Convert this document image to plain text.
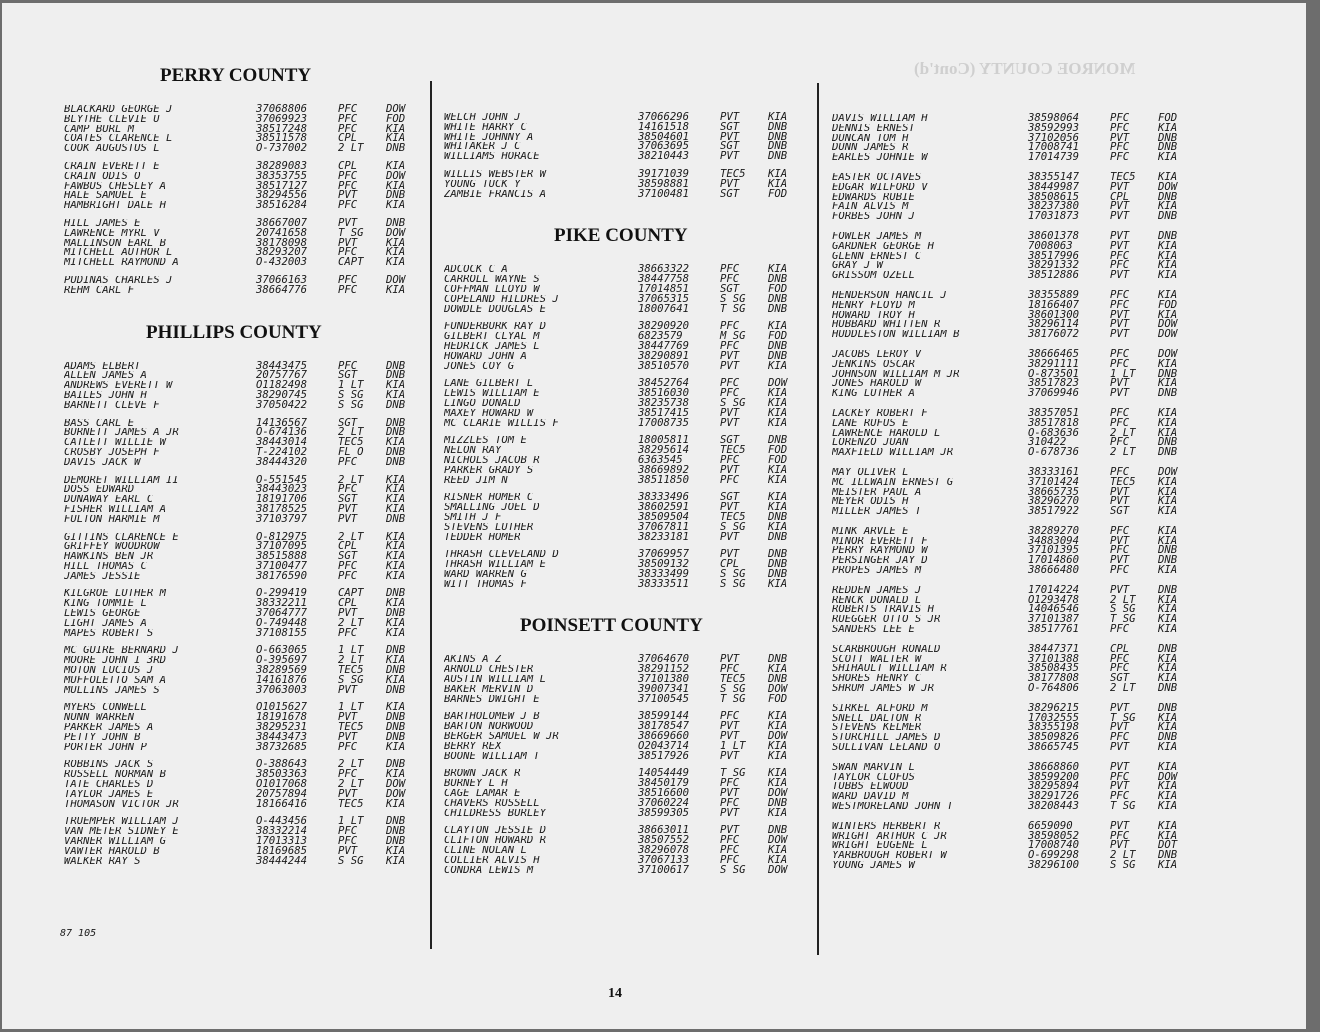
MONROE COUNTY (Cont'd)
PERRY COUNTY
BLACKARD GEORGE J	37068806	PFC	DOW
BLYTHE CLEVIE U	37069923	PFC	FOD
CAMP BURL M	38517248	PFC	KIA
COATES CLARENCE L	38511578	CPL	KIA
COOK AUGUSTUS L	O-737002	2 LT	DNB
CRAIN EVERETT E	38289083	CPL	KIA
CRAIN ODIS O	38353755	PFC	DOW
FAWBUS CHESLEY A	38517127	PFC	KIA
HALE SAMUEL E	38294556	PVT	DNB
HAMBRIGHT DALE H	38516284	PFC	KIA
HILL JAMES E	38667007	PVT	DNB
LAWRENCE MYRL V	20741658	T SG	DOW
MALLINSON EARL B	38178098	PVT	KIA
MITCHELL AUTHOR L	38293207	PFC	KIA
MITCHELL RAYMOND A	O-432003	CAPT	KIA
PUDINAS CHARLES J	37066163	PFC	DOW
REHM CARL F	38664776	PFC	KIA
PHILLIPS COUNTY
ADAMS ELBERT	38443475	PFC	DNB
ALLEN JAMES A	20757767	SGT	DNB
ANDREWS EVERETT W	O1182498	1 LT	KIA
BAILES JOHN H	38290745	S SG	KIA
BARNETT CLEVE F	37050422	S SG	DNB
BASS CARL E	14136567	SGT	DNB
BURNETT JAMES A JR	O-674136	2 LT	DNB
CATLETT WILLIE W	38443014	TEC5	KIA
CROSBY JOSEPH F	T-224102	FL O	DNB
DAVIS JACK W	38444320	PFC	DNB
DEMORET WILLIAM II	O-551545	2 LT	KIA
DOSS EDWARD	38443023	PFC	KIA
DUNAWAY EARL C	18191706	SGT	KIA
FISHER WILLIAM A	38178525	PVT	KIA
FULTON HARMIE M	37103797	PVT	DNB
GITTINS CLARENCE E	O-812975	2 LT	KIA
GRIFFEY WOODROW	37107095	CPL	KIA
HAWKINS BEN JR	38515888	SGT	KIA
HILL THOMAS C	37100477	PFC	KIA
JAMES JESSIE	38176590	PFC	KIA
KILGROE LUTHER M	O-299419	CAPT	DNB
KING TOMMIE L	38332211	CPL	KIA
LEWIS GEORGE	37064777	PVT	DNB
LIGHT JAMES A	O-749448	2 LT	KIA
MAPES ROBERT S	37108155	PFC	KIA
MC GUIRE BERNARD J	O-663065	1 LT	DNB
MOORE JOHN I 3RD	O-395697	2 LT	KIA
MOTON LUCIUS J	38289569	TEC5	DNB
MUFFOLETTO SAM A	14161876	S SG	KIA
MULLINS JAMES S	37063003	PVT	DNB
MYERS CONWELL	O1015627	1 LT	KIA
NUNN WARREN	18191678	PVT	DNB
PARKER JAMES A	38295231	TEC5	DNB
PETTY JOHN B	38443473	PVT	DNB
PORTER JOHN P	38732685	PFC	KIA
ROBBINS JACK S	O-388643	2 LT	DNB
RUSSELL NORMAN B	38503363	PFC	KIA
TATE CHARLES D	O1017068	2 LT	DOW
TAYLOR JAMES E	20757894	PVT	DOW
THOMASON VICTOR JR	18166416	TEC5	KIA
TRUEMPER WILLIAM J	O-443456	1 LT	DNB
VAN METER SIDNEY E	38332214	PFC	DNB
VARNER WILLIAM G	17013313	PFC	DNB
VAWTER HAROLD B	18169685	PVT	KIA
WALKER RAY S	38444244	S SG	KIA
WELCH JOHN J	37066296	PVT	KIA
WHITE HARRY C	14161518	SGT	DNB
WHITE JOHNNY A	38504601	PVT	DNB
WHITAKER J C	37063695	SGT	DNB
WILLIAMS HORACE	38210443	PVT	DNB
WILLIS WEBSTER W	39171039	TEC5	KIA
YOUNG TUCK Y	38598881	PVT	KIA
ZAMBIE FRANCIS A	37100481	SGT	FOD
PIKE COUNTY
ADCOCK C A	38663322	PFC	KIA
CARROLL WAYNE S	38447758	PFC	DNB
COFFMAN LLOYD W	17014851	SGT	FOD
COPELAND HILDRES J	37065315	S SG	DNB
DOWDLE DOUGLAS E	18007641	T SG	DNB
FUNDERBURK RAY D	38290920	PFC	KIA
GILBERT CLYAL M	6823579	M SG	FOD
HEDRICK JAMES L	38447769	PFC	DNB
HOWARD JOHN A	38290891	PVT	DNB
JONES COY G	38510570	PVT	KIA
LANE GILBERT L	38452764	PFC	DOW
LEWIS WILLIAM E	38516030	PFC	KIA
LINGO DONALD	38235738	S SG	KIA
MAXEY HOWARD W	38517415	PVT	KIA
MC CLARIE WILLIS F	17008735	PVT	KIA
MIZZLES TOM E	18005811	SGT	DNB
NELON RAY	38295614	TEC5	FOD
NICHOLS JACOB R	6363545	PFC	FOD
PARKER GRADY S	38669892	PVT	KIA
REED JIM N	38511850	PFC	KIA
RISNER HOMER C	38333496	SGT	KIA
SMALLING JOEL D	38602591	PVT	KIA
SMITH J F	38509504	TEC5	DNB
STEVENS LUTHER	37067811	S SG	KIA
TEDDER HOMER	38233181	PVT	DNB
THRASH CLEVELAND D	37069957	PVT	DNB
THRASH WILLIAM E	38509132	CPL	DNB
WARD WARREN G	38333499	S SG	DNB
WITT THOMAS F	38333511	S SG	KIA
POINSETT COUNTY
AKINS A Z	37064670	PVT	DNB
ARNOLD CHESTER	38291152	PFC	KIA
AUSTIN WILLIAM L	37101380	TEC5	DNB
BAKER MERVIN D	39007341	S SG	DOW
BARNES DWIGHT E	37100545	T SG	FOD
BARTHOLOMEW J B	38599144	PFC	KIA
BARTON NORWOOD	38178547	PVT	KIA
BERGER SAMUEL W JR	38669660	PVT	DOW
BERRY REX	O2043714	1 LT	KIA
BOONE WILLIAM T	38517926	PVT	KIA
BROWN JACK R	14054449	T SG	KIA
BURNEY L H	38450179	PFC	KIA
CAGE LAMAR E	38516600	PVT	DOW
CHAVERS RUSSELL	37060224	PFC	DNB
CHILDRESS BURLEY	38599305	PVT	KIA
CLAYTON JESSIE D	38663011	PVT	DNB
CLIFTON HOWARD R	38507552	PFC	DOW
CLINE NOLAN L	38296078	PFC	KIA
COLLIER ALVIS H	37067133	PFC	KIA
CONDRA LEWIS M	37100617	S SG	DOW
DAVIS WILLIAM H	38598064	PFC	FOD
DENNIS ERNEST	38592993	PFC	KIA
DUNCAN TOM H	37102056	PVT	DNB
DUNN JAMES R	17008741	PFC	DNB
EARLES JOHNIE W	17014739	PFC	KIA
EASTER OCTAVES	38355147	TEC5	KIA
EDGAR WILFORD V	38449987	PVT	DOW
EDWARDS RUBIE	38508615	CPL	DNB
FAIN ALVIS M	38237380	PVT	KIA
FORBES JOHN J	17031873	PVT	DNB
FOWLER JAMES M	38601378	PVT	DNB
GARDNER GEORGE H	7008063	PVT	KIA
GLENN ERNEST C	38517996	PFC	KIA
GRAY J W	38291332	PFC	KIA
GRISSOM OZELL	38512886	PVT	KIA
HENDERSON HANCIL J	38355889	PFC	KIA
HENRY FLOYD M	18166407	PFC	FOD
HOWARD TROY H	38601300	PVT	KIA
HUBBARD WHITTEN R	38296114	PVT	DOW
HUDDLESTON WILLIAM B	38176072	PVT	DOW
JACOBS LEROY V	38666465	PFC	DOW
JENKINS OSCAR	38291111	PFC	KIA
JOHNSON WILLIAM M JR	O-873501	1 LT	DNB
JONES HAROLD W	38517823	PVT	KIA
KING LUTHER A	37069946	PVT	DNB
LACKEY ROBERT F	38357051	PFC	KIA
LANE RUFUS E	38517818	PFC	KIA
LAWRENCE HAROLD L	O-683636	2 LT	KIA
LORENZO JUAN	310422	PFC	DNB
MAXFIELD WILLIAM JR	O-678736	2 LT	DNB
MAY OLIVER L	38333161	PFC	DOW
MC ILLWAIN ERNEST G	37101424	TEC5	KIA
MEISTER PAUL A	38665735	PVT	KIA
MEYER ODIS H	38296270	PVT	KIA
MILLER JAMES T	38517922	SGT	KIA
MINK ARVLE E	38289270	PFC	KIA
MINOR EVERETT F	34883094	PVT	KIA
PERRY RAYMOND W	37101395	PFC	DNB
PERSINGER JAY D	17014860	PVT	DNB
PROPES JAMES M	38666480	PFC	KIA
REDDEN JAMES J	17014224	PVT	DNB
RENCK DONALD L	O1293478	2 LT	KIA
ROBERTS TRAVIS H	14046546	S SG	KIA
RUEGGER OTTO S JR	37101387	T SG	KIA
SANDERS LEE E	38517761	PFC	KIA
SCARBROUGH RONALD	38447371	CPL	DNB
SCOTT WALTER W	37101388	PFC	KIA
SHIHAULT WILLIAM R	38508435	PFC	KIA
SHORES HENRY C	38177808	SGT	KIA
SHRUM JAMES W JR	O-764806	2 LT	DNB
SIRKEL ALFORD M	38296215	PVT	DNB
SNELL DALTON R	17032555	T SG	KIA
STEVENS KELMER	38355198	PVT	KIA
STURCHILL JAMES D	38509826	PFC	DNB
SULLIVAN LELAND O	38665745	PVT	KIA
SWAN MARVIN L	38668860	PVT	KIA
TAYLOR CLOFUS	38599200	PFC	DOW
TUBBS ELWOOD	38295894	PVT	KIA
WARD DAVID M	38291726	PFC	KIA
WESTMORELAND JOHN T	38208443	T SG	KIA
WINTERS HERBERT R	6659090	PVT	KIA
WRIGHT ARTHUR C JR	38598052	PFC	KIA
WRIGHT EUGENE L	17008740	PVT	DOT
YARBROUGH ROBERT W	O-699298	2 LT	DNB
YOUNG JAMES W	38296100	S SG	KIA
87 105
14
